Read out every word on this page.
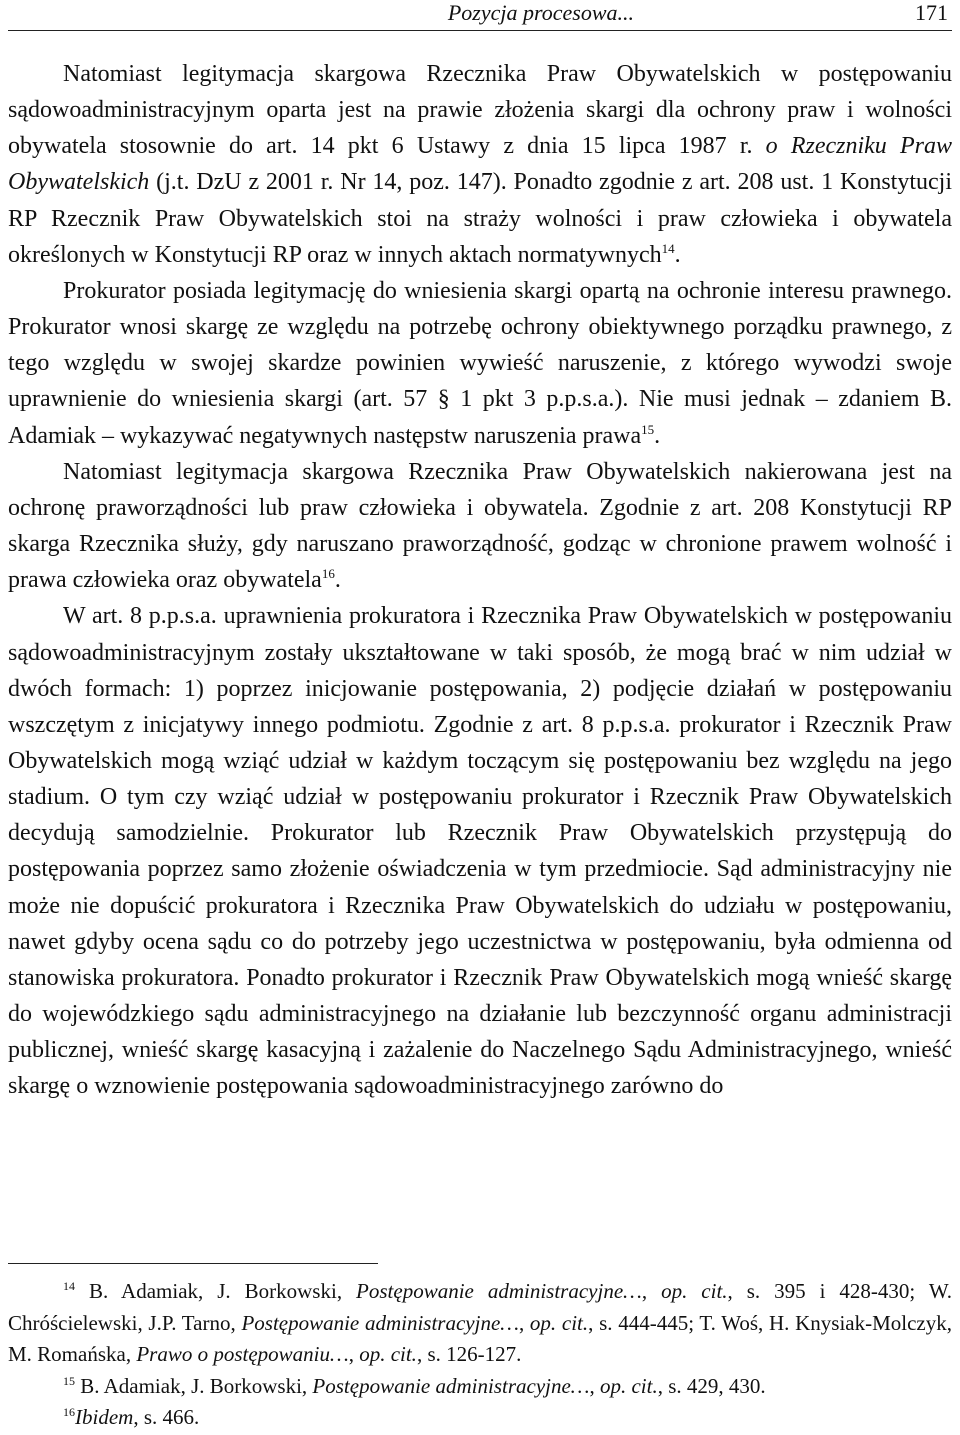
Pozycja procesowa...	171

Natomiast legitymacja skargowa Rzecznika Praw Obywatelskich w postępowaniu sądowoadministracyjnym oparta jest na prawie złożenia skargi dla ochrony praw i wolności obywatela stosownie do art. 14 pkt 6 Ustawy z dnia 15 lipca 1987 r. o Rzeczniku Praw Obywatelskich (j.t. DzU z 2001 r. Nr 14, poz. 147). Ponadto zgodnie z art. 208 ust. 1 Konstytucji RP Rzecznik Praw Obywatelskich stoi na straży wolności i praw człowieka i obywatela określonych w Konstytucji RP oraz w innych aktach normatywnych$^{14}$.

Prokurator posiada legitymację do wniesienia skargi opartą na ochronie interesu prawnego. Prokurator wnosi skargę ze względu na potrzebę ochrony obiektywnego porządku prawnego, z tego względu w swojej skardze powinien wywieść naruszenie, z którego wywodzi swoje uprawnienie do wniesienia skargi (art. 57 § 1 pkt 3 p.p.s.a.). Nie musi jednak – zdaniem B. Adamiak – wykazywać negatywnych następstw naruszenia prawa$^{15}$.

Natomiast legitymacja skargowa Rzecznika Praw Obywatelskich nakierowana jest na ochronę praworządności lub praw człowieka i obywatela. Zgodnie z art. 208 Konstytucji RP skarga Rzecznika służy, gdy naruszano praworządność, godząc w chronione prawem wolność i prawa człowieka oraz obywatela$^{16}$.

W art. 8 p.p.s.a. uprawnienia prokuratora i Rzecznika Praw Obywatelskich w postępowaniu sądowoadministracyjnym zostały ukształtowane w taki sposób, że mogą brać w nim udział w dwóch formach: 1) poprzez inicjowanie postępowania, 2) podjęcie działań w postępowaniu wszczętym z inicjatywy innego podmiotu. Zgodnie z art. 8 p.p.s.a. prokurator i Rzecznik Praw Obywatelskich mogą wziąć udział w każdym toczącym się postępowaniu bez względu na jego stadium. O tym czy wziąć udział w postępowaniu prokurator i Rzecznik Praw Obywatelskich decydują samodzielnie. Prokurator lub Rzecznik Praw Obywatelskich przystępują do postępowania poprzez samo złożenie oświadczenia w tym przedmiocie. Sąd administracyjny nie może nie dopuścić prokuratora i Rzecznika Praw Obywatelskich do udziału w postępowaniu, nawet gdyby ocena sądu co do potrzeby jego uczestnictwa w postępowaniu, była odmienna od stanowiska prokuratora. Ponadto prokurator i Rzecznik Praw Obywatelskich mogą wnieść skargę do wojewódzkiego sądu administracyjnego na działanie lub bezczynność organu administracji publicznej, wnieść skargę kasacyjną i zażalenie do Naczelnego Sądu Administracyjnego, wnieść skargę o wznowienie postępowania sądowoadministracyjnego zarówno do

$^{14}$ B. Adamiak, J. Borkowski, Postępowanie administracyjne…, op. cit., s. 395 i 428-430; W. Chróścielewski, J.P. Tarno, Postępowanie administracyjne…, op. cit., s. 444-445; T. Woś, H. Knysiak-Molczyk, M. Romańska, Prawo o postępowaniu…, op. cit., s. 126-127.

$^{15}$ B. Adamiak, J. Borkowski, Postępowanie administracyjne…, op. cit., s. 429, 430.

$^{16}$Ibidem, s. 466.
